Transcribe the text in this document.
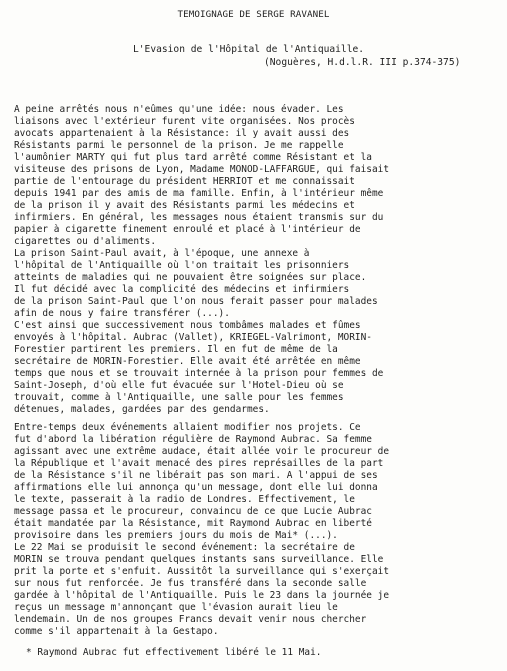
TEMOIGNAGE DE SERGE RAVANEL
L'Evasion de l'Hôpital de l'Antiquaille.
(Noguères, H.d.l.R. III p.374-375)
A peine arrêtés nous n'eûmes qu'une idée: nous évader. Les
liaisons avec l'extérieur furent vite organisées. Nos procès
avocats appartenaient à la Résistance: il y avait aussi des
Résistants parmi le personnel de la prison. Je me rappelle
l'aumônier MARTY qui fut plus tard arrêté comme Résistant et la
visiteuse des prisons de Lyon, Madame MONOD-LAFFARGUE, qui faisait
partie de l'entourage du président HERRIOT et me connaissait
depuis 1941 par des amis de ma famille. Enfin, à l'intérieur même
de la prison il y avait des Résistants parmi les médecins et
infirmiers. En général, les messages nous étaient transmis sur du
papier à cigarette finement enroulé et placé à l'intérieur de
cigarettes ou d'aliments.
La prison Saint-Paul avait, à l'époque, une annexe à
l'hôpital de l'Antiquaille où l'on traitait les prisonniers
atteints de maladies qui ne pouvaient être soignées sur place.
Il fut décidé avec la complicité des médecins et infirmiers
de la prison Saint-Paul que l'on nous ferait passer pour malades
afin de nous y faire transférer (...).
C'est ainsi que successivement nous tombâmes malades et fûmes
envoyés à l'hôpital. Aubrac (Vallet), KRIEGEL-Valrimont, MORIN-
Forestier partirent les premiers. Il en fut de même de la
secrétaire de MORIN-Forestier. Elle avait été arrêtée en même
temps que nous et se trouvait internée à la prison pour femmes de
Saint-Joseph, d'où elle fut évacuée sur l'Hotel-Dieu où se
trouvait, comme à l'Antiquaille, une salle pour les femmes
détenues, malades, gardées par des gendarmes.
Entre-temps deux événements allaient modifier nos projets. Ce
fut d'abord la libération régulière de Raymond Aubrac. Sa femme
agissant avec une extrême audace, était allée voir le procureur de
la République et l'avait menacé des pires représailles de la part
de la Résistance s'il ne libérait pas son mari. A l'appui de ses
affirmations elle lui annonça qu'un message, dont elle lui donna
le texte, passerait à la radio de Londres. Effectivement, le
message passa et le procureur, convaincu de ce que Lucie Aubrac
était mandatée par la Résistance, mit Raymond Aubrac en liberté
provisoire dans les premiers jours du mois de Mai* (...).
Le 22 Mai se produisit le second événement: la secrétaire de
MORIN se trouva pendant quelques instants sans surveillance. Elle
prit la porte et s'enfuit. Aussitôt la surveillance qui s'exerçait
sur nous fut renforcée. Je fus transféré dans la seconde salle
gardée à l'hôpital de l'Antiquaille. Puis le 23 dans la journée je
reçus un message m'annonçant que l'évasion aurait lieu le
lendemain. Un de nos groupes Francs devait venir nous chercher
comme s'il appartenait à la Gestapo.
* Raymond Aubrac fut effectivement libéré le 11 Mai.
